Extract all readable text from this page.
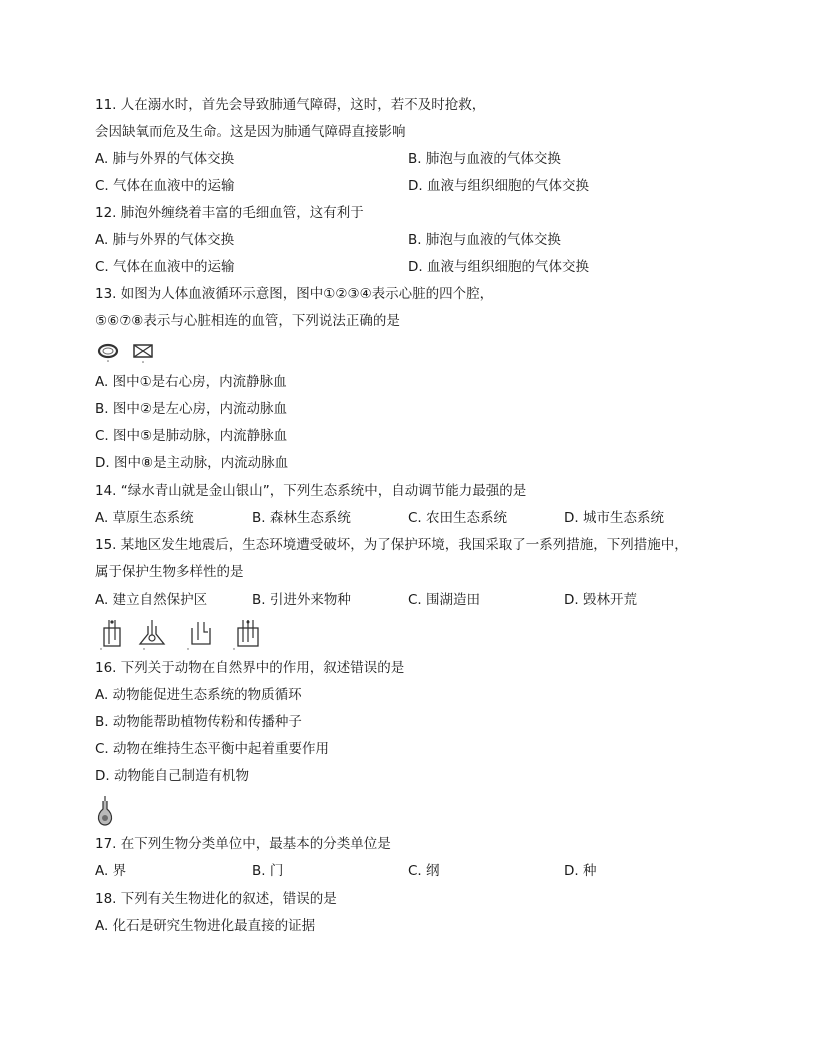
11. 人在溺水时，首先会导致肺通气障碍，这时，若不及时抢救，
会因缺氧而危及生命。这是因为肺通气障碍直接影响
A. 肺与外界的气体交换	B. 肺泡与血液的气体交换
C. 气体在血液中的运输	D. 血液与组织细胞的气体交换
12. 肺泡外缠绕着丰富的毛细血管，这有利于
A. 肺与外界的气体交换	B. 肺泡与血液的气体交换
C. 气体在血液中的运输	D. 血液与组织细胞的气体交换
13. 如图为人体血液循环示意图，图中①②③④表示心脏的四个腔，
⑤⑥⑦⑧表示与心脏相连的血管，下列说法正确的是
A. 图中①是右心房，内流静脉血
B. 图中②是左心房，内流动脉血
C. 图中⑤是肺动脉，内流静脉血
D. 图中⑧是主动脉，内流动脉血
14. “绿水青山就是金山银山”，下列生态系统中，自动调节能力最强的是
A. 草原生态系统	B. 森林生态系统	C. 农田生态系统	D. 城市生态系统
15. 某地区发生地震后，生态环境遭受破坏，为了保护环境，我国采取了一系列措施，下列措施中，
属于保护生物多样性的是
A. 建立自然保护区	B. 引进外来物种	C. 围湖造田	D. 毁林开荒
16. 下列关于动物在自然界中的作用，叙述错误的是
A. 动物能促进生态系统的物质循环
B. 动物能帮助植物传粉和传播种子
C. 动物在维持生态平衡中起着重要作用
D. 动物能自己制造有机物
17. 在下列生物分类单位中，最基本的分类单位是
A. 界	B. 门	C. 纲	D. 种
18. 下列有关生物进化的叙述，错误的是
A. 化石是研究生物进化最直接的证据
